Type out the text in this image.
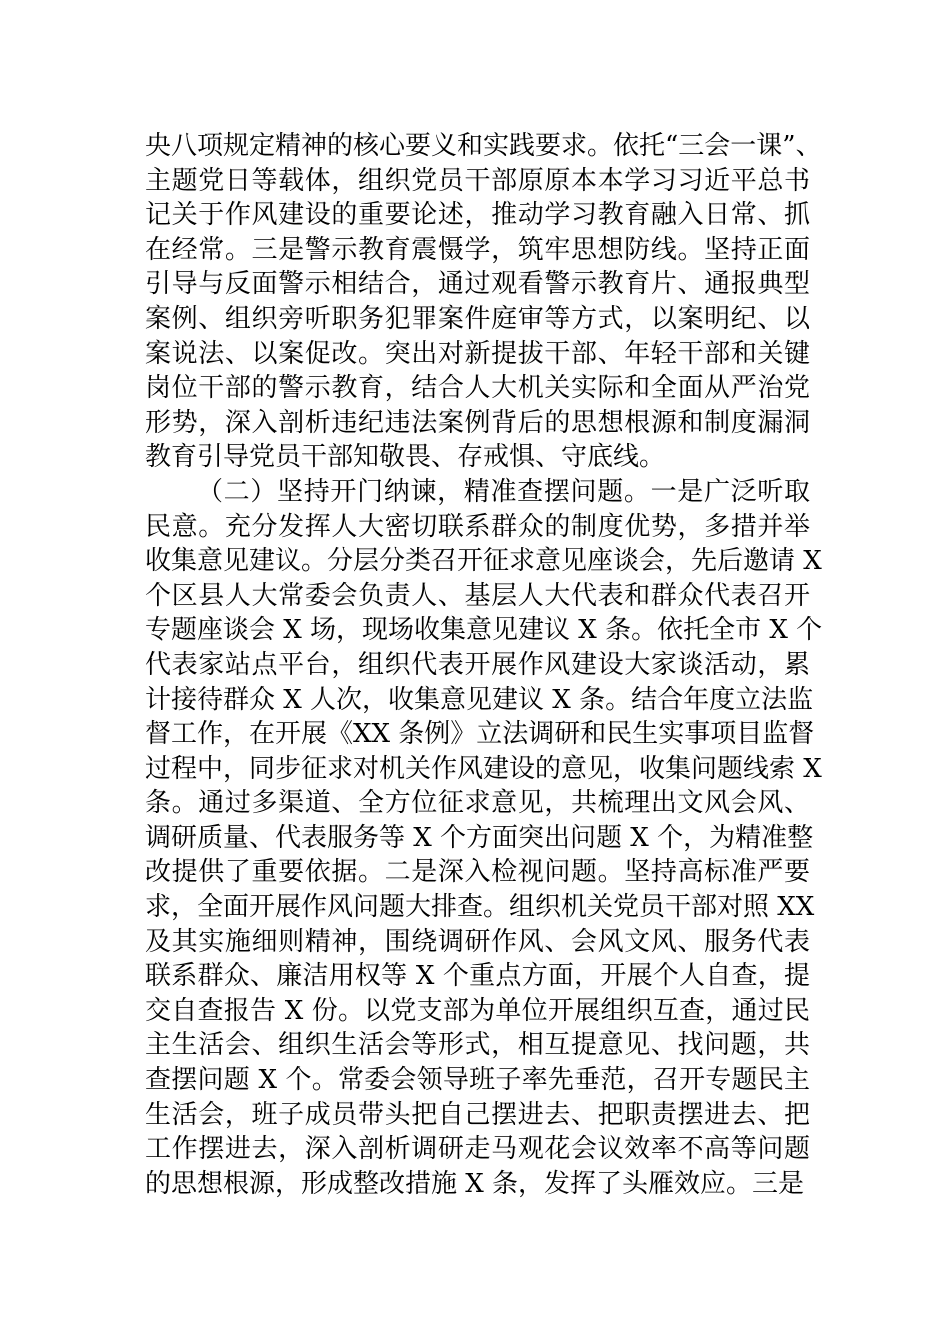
央八项规定精神的核心要义和实践要求。依托“三会一课”、
主题党日等载体，组织党员干部原原本本学习习近平总书
记关于作风建设的重要论述，推动学习教育融入日常、抓
在经常。三是警示教育震慑学，筑牢思想防线。坚持正面
引导与反面警示相结合，通过观看警示教育片、通报典型
案例、组织旁听职务犯罪案件庭审等方式，以案明纪、以
案说法、以案促改。突出对新提拔干部、年轻干部和关键
岗位干部的警示教育，结合人大机关实际和全面从严治党
形势，深入剖析违纪违法案例背后的思想根源和制度漏洞
教育引导党员干部知敬畏、存戒惧、守底线。
（二）坚持开门纳谏，精准查摆问题。一是广泛听取
民意。充分发挥人大密切联系群众的制度优势，多措并举
收集意见建议。分层分类召开征求意见座谈会，先后邀请 X
个区县人大常委会负责人、基层人大代表和群众代表召开
专题座谈会 X 场，现场收集意见建议 X 条。依托全市 X 个
代表家站点平台，组织代表开展作风建设大家谈活动，累
计接待群众 X 人次，收集意见建议 X 条。结合年度立法监
督工作，在开展《XX 条例》立法调研和民生实事项目监督
过程中，同步征求对机关作风建设的意见，收集问题线索 X
条。通过多渠道、全方位征求意见，共梳理出文风会风、
调研质量、代表服务等 X 个方面突出问题 X 个，为精准整
改提供了重要依据。二是深入检视问题。坚持高标准严要
求，全面开展作风问题大排查。组织机关党员干部对照 XX
及其实施细则精神，围绕调研作风、会风文风、服务代表
联系群众、廉洁用权等 X 个重点方面，开展个人自查，提
交自查报告 X 份。以党支部为单位开展组织互查，通过民
主生活会、组织生活会等形式，相互提意见、找问题，共
查摆问题 X 个。常委会领导班子率先垂范，召开专题民主
生活会，班子成员带头把自己摆进去、把职责摆进去、把
工作摆进去，深入剖析调研走马观花会议效率不高等问题
的思想根源，形成整改措施 X 条，发挥了头雁效应。三是
